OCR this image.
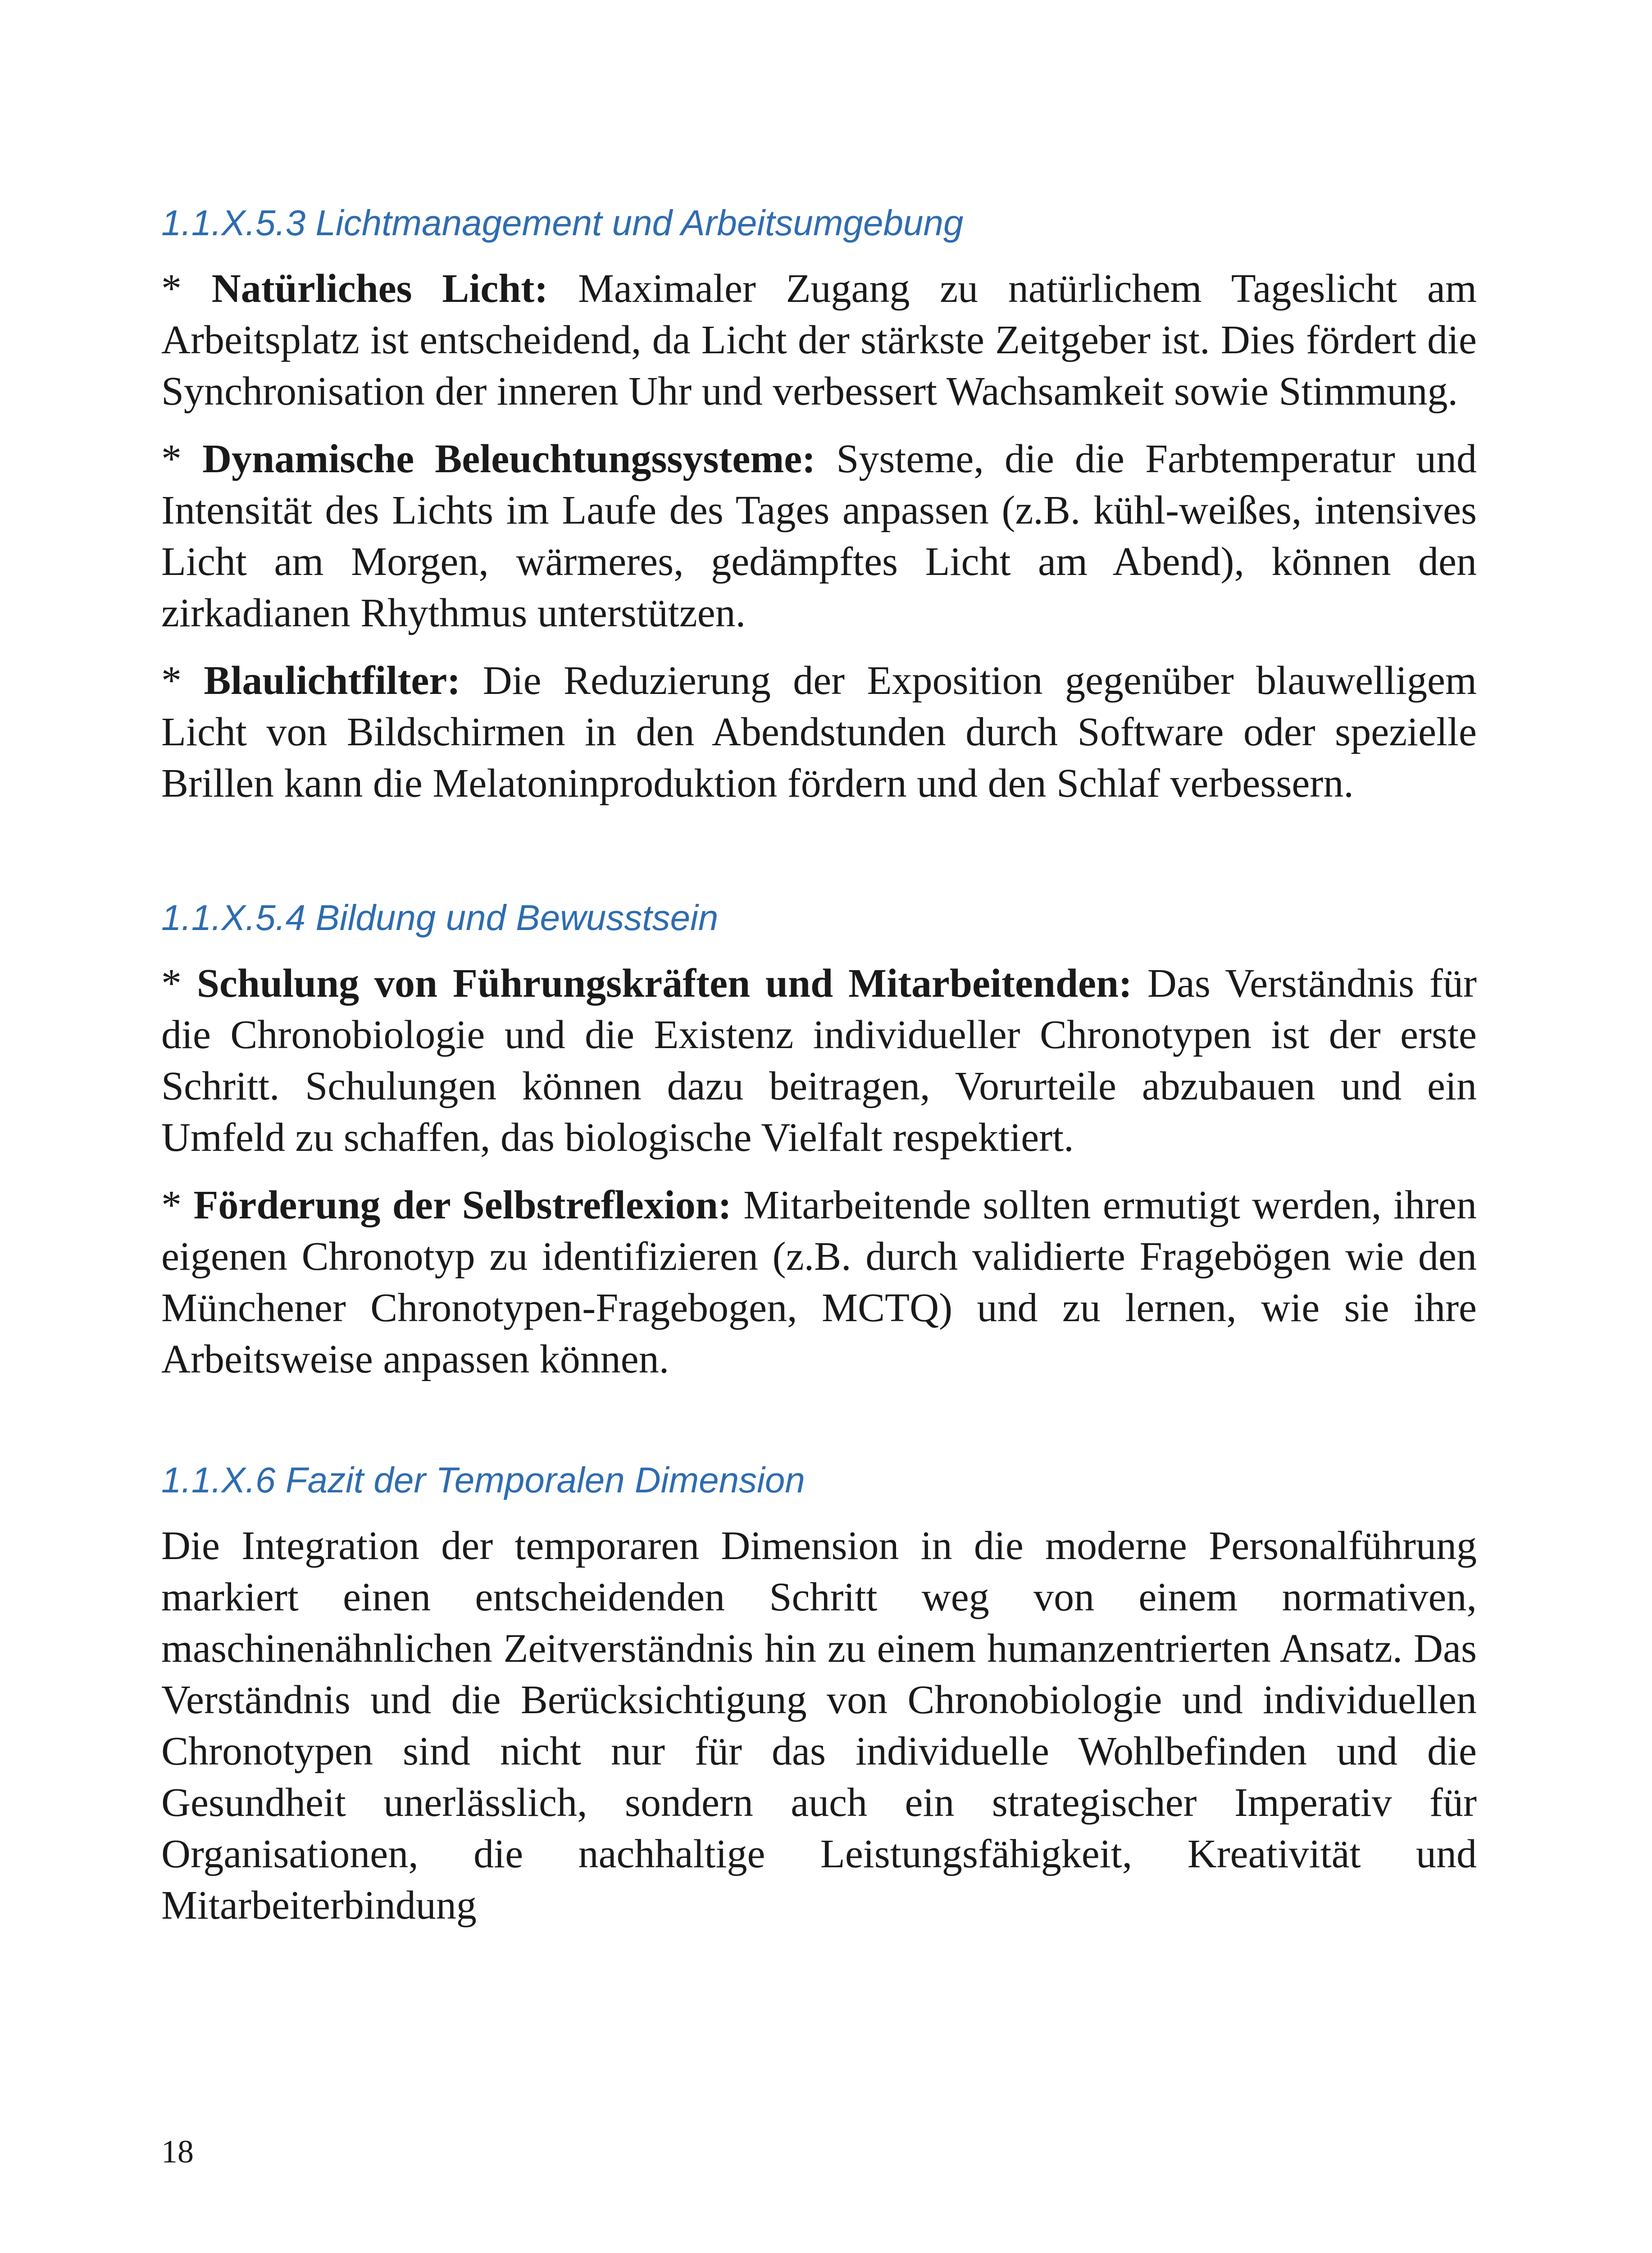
1.1.X.5.3 Lichtmanagement und Arbeitsumgebung

* Natürliches Licht: Maximaler Zugang zu natürlichem Tageslicht am Arbeitsplatz ist entscheidend, da Licht der stärkste Zeitgeber ist. Dies fördert die Synchronisation der inneren Uhr und verbessert Wachsamkeit sowie Stimmung.

* Dynamische Beleuchtungssysteme: Systeme, die die Farbtemperatur und Intensität des Lichts im Laufe des Tages anpassen (z.B. kühl-weißes, intensives Licht am Morgen, wärmeres, gedämpftes Licht am Abend), können den zirkadianen Rhythmus unterstützen.

* Blaulichtfilter: Die Reduzierung der Exposition gegenüber blauwelligem Licht von Bildschirmen in den Abendstunden durch Software oder spezielle Brillen kann die Melatoninproduktion fördern und den Schlaf verbessern.

1.1.X.5.4 Bildung und Bewusstsein

* Schulung von Führungskräften und Mitarbeitenden: Das Verständnis für die Chronobiologie und die Existenz individueller Chronotypen ist der erste Schritt. Schulungen können dazu beitragen, Vorurteile abzubauen und ein Umfeld zu schaffen, das biologische Vielfalt respektiert.

* Förderung der Selbstreflexion: Mitarbeitende sollten ermutigt werden, ihren eigenen Chronotyp zu identifizieren (z.B. durch validierte Fragebögen wie den Münchener Chronotypen-Fragebogen, MCTQ) und zu lernen, wie sie ihre Arbeitsweise anpassen können.

1.1.X.6 Fazit der Temporalen Dimension

Die Integration der temporaren Dimension in die moderne Personalführung markiert einen entscheidenden Schritt weg von einem normativen, maschinenähnlichen Zeitverständnis hin zu einem humanzentrierten Ansatz. Das Verständnis und die Berücksichtigung von Chronobiologie und individuellen Chronotypen sind nicht nur für das individuelle Wohlbefinden und die Gesundheit unerlässlich, sondern auch ein strategischer Imperativ für Organisationen, die nachhaltige Leistungsfähigkeit, Kreativität und Mitarbeiterbindung

18
